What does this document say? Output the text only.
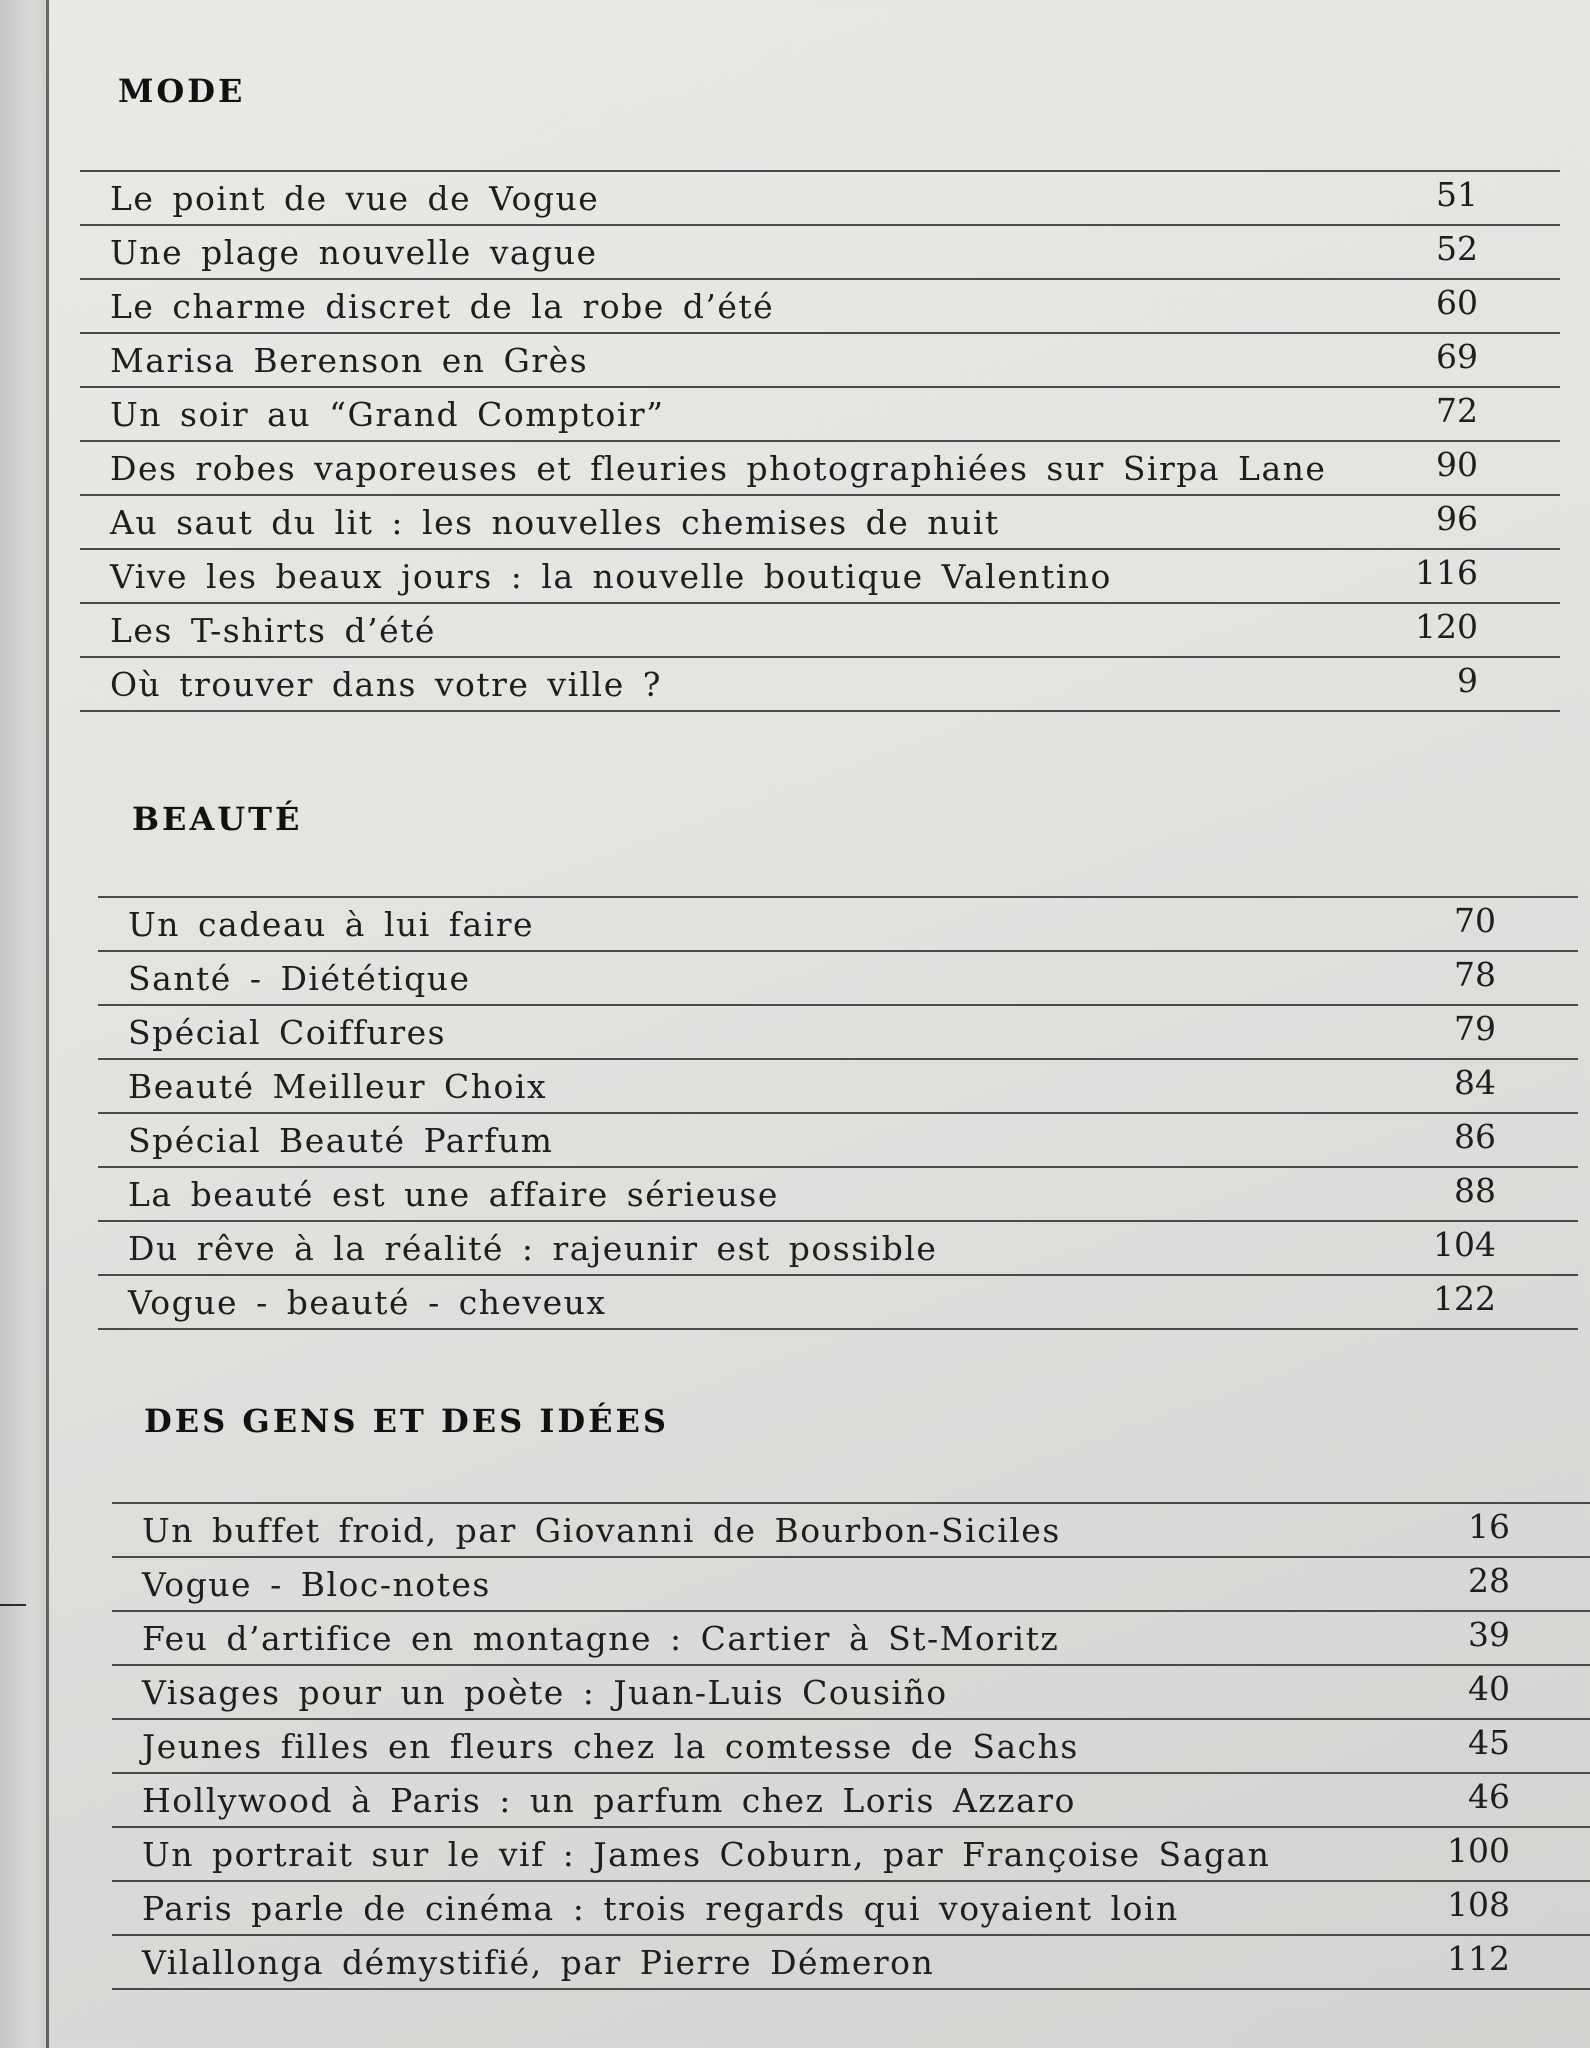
MODE
Le point de vue de Vogue	51
Une plage nouvelle vague	52
Le charme discret de la robe d’été	60
Marisa Berenson en Grès	69
Un soir au “Grand Comptoir”	72
Des robes vaporeuses et fleuries photographiées sur Sirpa Lane	90
Au saut du lit : les nouvelles chemises de nuit	96
Vive les beaux jours : la nouvelle boutique Valentino	116
Les T-shirts d’été	120
Où trouver dans votre ville ?	9
BEAUTÉ
Un cadeau à lui faire	70
Santé - Diététique	78
Spécial Coiffures	79
Beauté Meilleur Choix	84
Spécial Beauté Parfum	86
La beauté est une affaire sérieuse	88
Du rêve à la réalité : rajeunir est possible	104
Vogue - beauté - cheveux	122
DES GENS ET DES IDÉES
Un buffet froid, par Giovanni de Bourbon-Siciles	16
Vogue - Bloc-notes	28
Feu d’artifice en montagne : Cartier à St-Moritz	39
Visages pour un poète : Juan-Luis Cousiño	40
Jeunes filles en fleurs chez la comtesse de Sachs	45
Hollywood à Paris : un parfum chez Loris Azzaro	46
Un portrait sur le vif : James Coburn, par Françoise Sagan	100
Paris parle de cinéma : trois regards qui voyaient loin	108
Vilallonga démystifié, par Pierre Démeron	112
